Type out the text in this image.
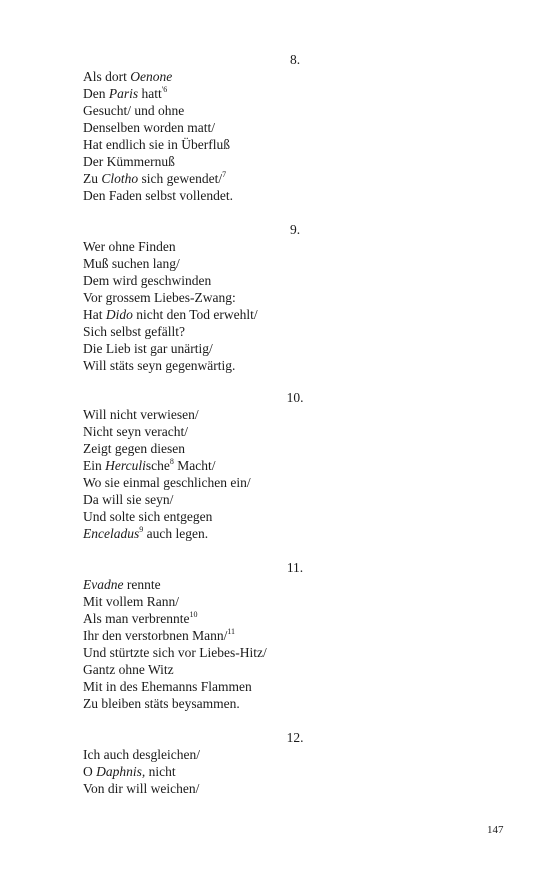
8.
Als dort Oenone
Den Paris hatt$^{'6}$
Gesucht/ und ohne
Denselben worden matt/
Hat endlich sie in Überfluß
Der Kümmernuß
Zu Clotho sich gewendet/$^7$
Den Faden selbst vollendet.
9.
Wer ohne Finden
Muß suchen lang/
Dem wird geschwinden
Vor grossem Liebes-Zwang:
Hat Dido nicht den Tod erwehlt/
Sich selbst gefällt?
Die Lieb ist gar unärtig/
Will stäts seyn gegenwärtig.
10.
Will nicht verwiesen/
Nicht seyn veracht/
Zeigt gegen diesen
Ein Herculische$^8$ Macht/
Wo sie einmal geschlichen ein/
Da will sie seyn/
Und solte sich entgegen
Enceladus$^9$ auch legen.
11.
Evadne rennte
Mit vollem Rann/
Als man verbrennte$^{10}$
Ihr den verstorbnen Mann/$^{11}$
Und stürtzte sich vor Liebes-Hitz/
Gantz ohne Witz
Mit in des Ehemanns Flammen
Zu bleiben stäts beysammen.
12.
Ich auch desgleichen/
O Daphnis, nicht
Von dir will weichen/
147
